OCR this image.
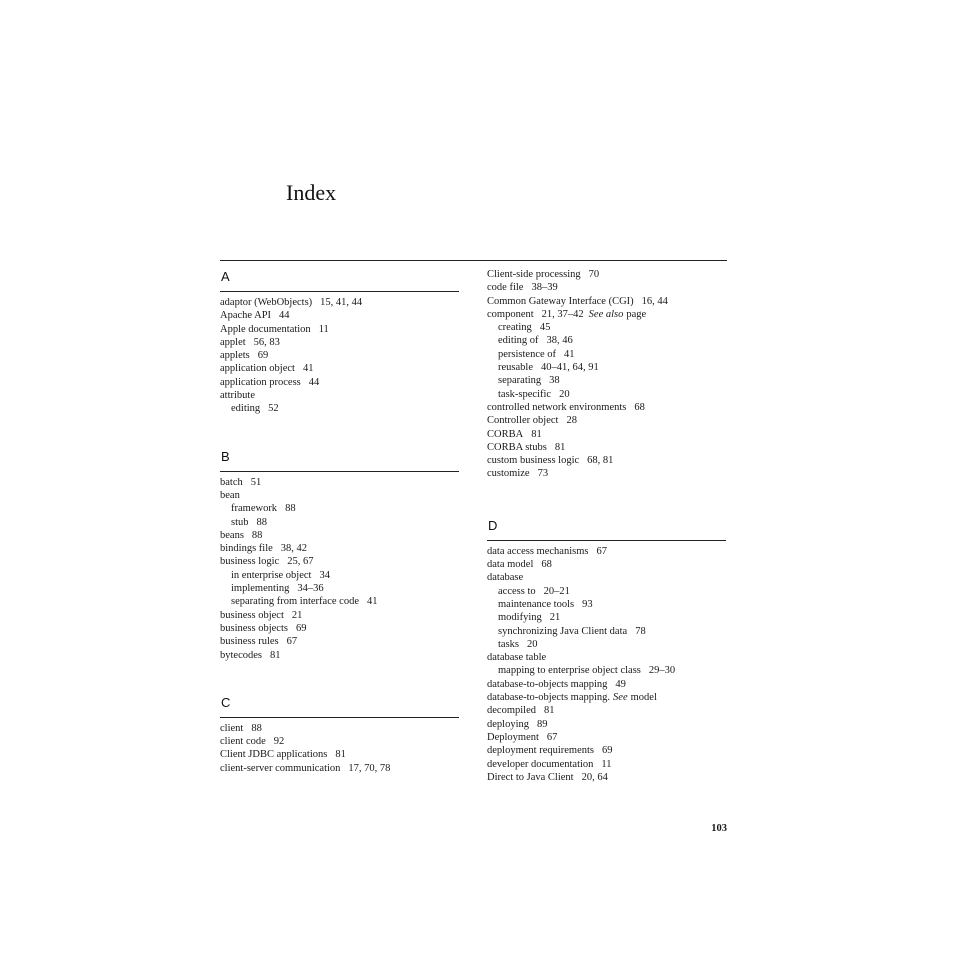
Index
A
adaptor (WebObjects) 15, 41, 44
Apache API 44
Apple documentation 11
applet 56, 83
applets 69
application object 41
application process 44
attribute
editing 52
B
batch 51
bean
framework 88
stub 88
beans 88
bindings file 38, 42
business logic 25, 67
in enterprise object 34
implementing 34–36
separating from interface code 41
business object 21
business objects 69
business rules 67
bytecodes 81
C
client 88
client code 92
Client JDBC applications 81
client-server communication 17, 70, 78
Client-side processing 70
code file 38–39
Common Gateway Interface (CGI) 16, 44
component 21, 37–42 See also page
creating 45
editing of 38, 46
persistence of 41
reusable 40–41, 64, 91
separating 38
task-specific 20
controlled network environments 68
Controller object 28
CORBA 81
CORBA stubs 81
custom business logic 68, 81
customize 73
D
data access mechanisms 67
data model 68
database
access to 20–21
maintenance tools 93
modifying 21
synchronizing Java Client data 78
tasks 20
database table
mapping to enterprise object class 29–30
database-to-objects mapping 49
database-to-objects mapping. See model
decompiled 81
deploying 89
Deployment 67
deployment requirements 69
developer documentation 11
Direct to Java Client 20, 64
103
